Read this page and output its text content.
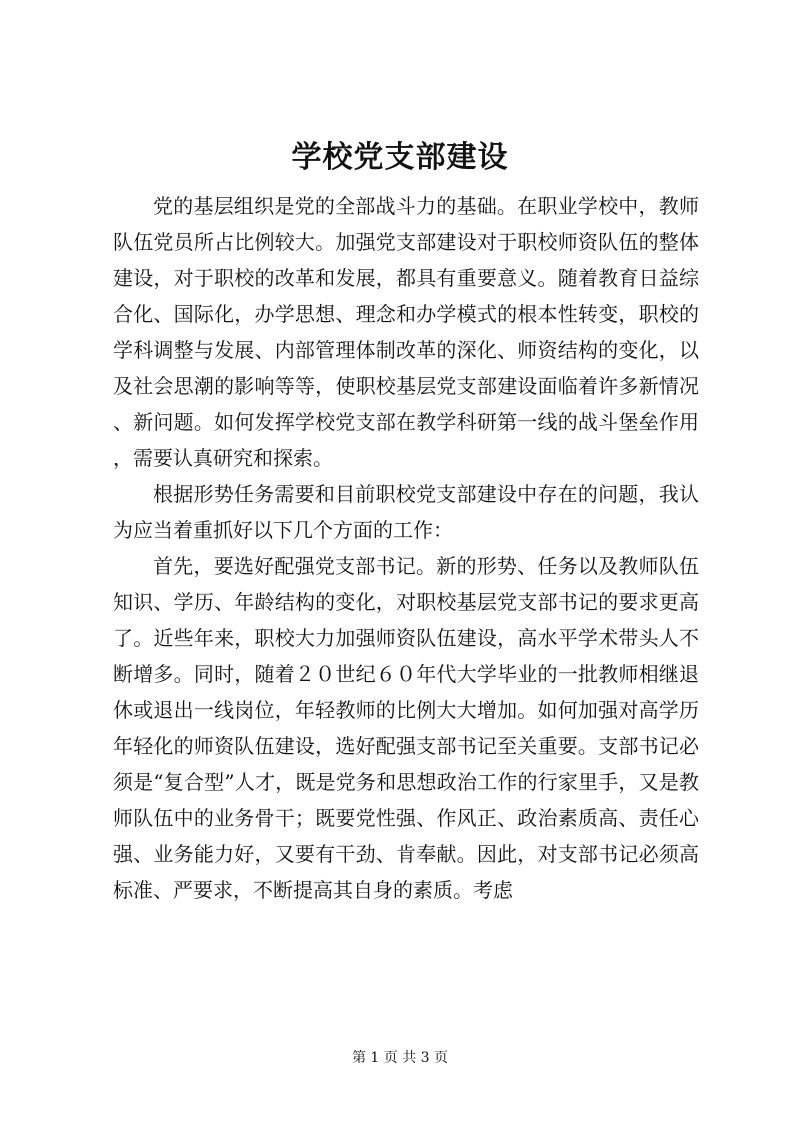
学校党支部建设

党的基层组织是党的全部战斗力的基础。在职业学校中，教师队伍党员所占比例较大。加强党支部建设对于职校师资队伍的整体建设，对于职校的改革和发展，都具有重要意义。随着教育日益综合化、国际化，办学思想、理念和办学模式的根本性转变，职校的学科调整与发展、内部管理体制改革的深化、师资结构的变化，以及社会思潮的影响等等，使职校基层党支部建设面临着许多新情况、新问题。如何发挥学校党支部在教学科研第一线的战斗堡垒作用，需要认真研究和探索。

根据形势任务需要和目前职校党支部建设中存在的问题，我认为应当着重抓好以下几个方面的工作：

首先，要选好配强党支部书记。新的形势、任务以及教师队伍知识、学历、年龄结构的变化，对职校基层党支部书记的要求更高了。近些年来，职校大力加强师资队伍建设，高水平学术带头人不断增多。同时，随着２０世纪６０年代大学毕业的一批教师相继退休或退出一线岗位，年轻教师的比例大大增加。如何加强对高学历年轻化的师资队伍建设，选好配强支部书记至关重要。支部书记必须是“复合型”人才，既是党务和思想政治工作的行家里手，又是教师队伍中的业务骨干；既要党性强、作风正、政治素质高、责任心强、业务能力好，又要有干劲、肯奉献。因此，对支部书记必须高标准、严要求，不断提高其自身的素质。考虑

第 1 页 共 3 页
